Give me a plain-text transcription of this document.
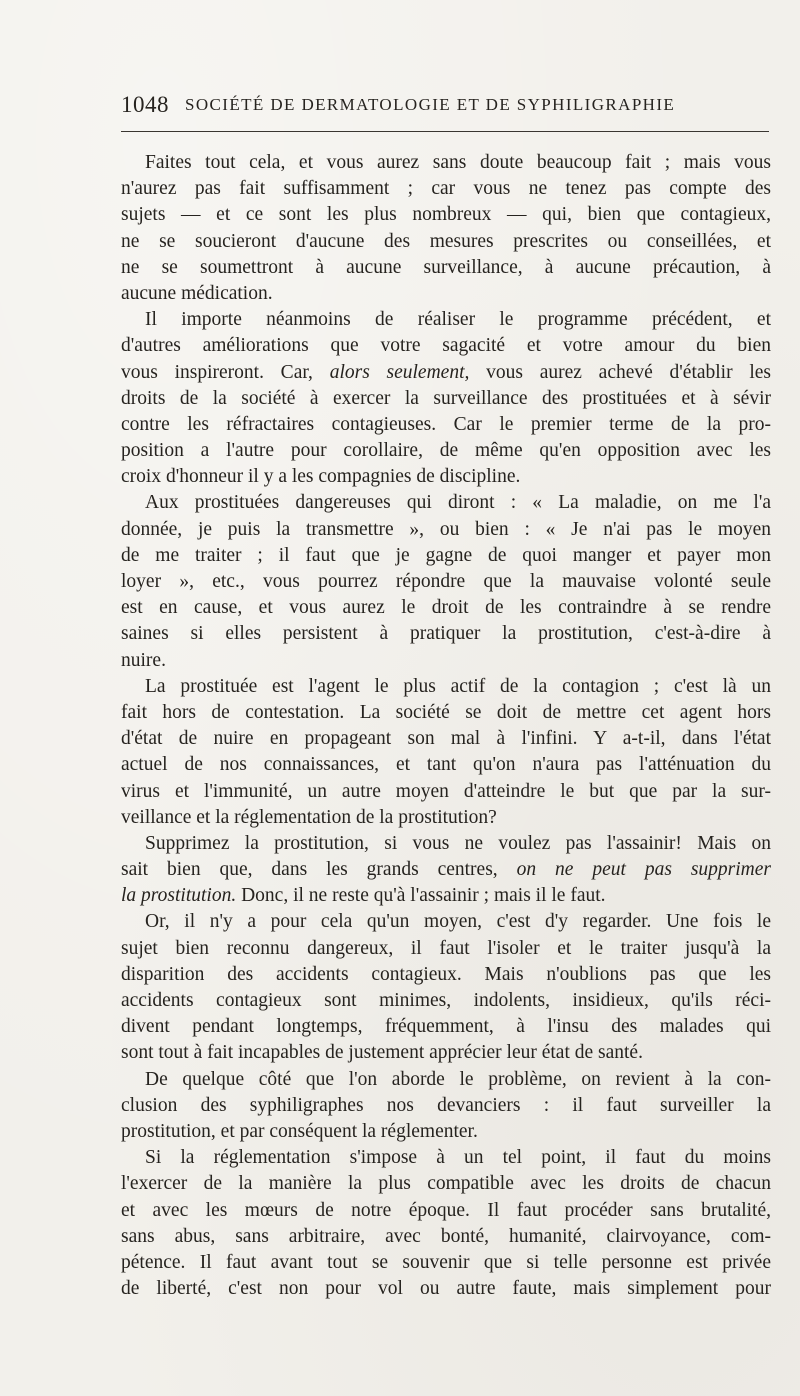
1048 SOCIÉTÉ DE DERMATOLOGIE ET DE SYPHILIGRAPHIE
Faites tout cela, et vous aurez sans doute beaucoup fait ; mais vous
n'aurez pas fait suffisamment ; car vous ne tenez pas compte des
sujets — et ce sont les plus nombreux — qui, bien que contagieux,
ne se soucieront d'aucune des mesures prescrites ou conseillées, et
ne se soumettront à aucune surveillance, à aucune précaution, à
aucune médication.
Il importe néanmoins de réaliser le programme précédent, et
d'autres améliorations que votre sagacité et votre amour du bien
vous inspireront. Car, alors seulement, vous aurez achevé d'établir les
droits de la société à exercer la surveillance des prostituées et à sévir
contre les réfractaires contagieuses. Car le premier terme de la pro-
position a l'autre pour corollaire, de même qu'en opposition avec les
croix d'honneur il y a les compagnies de discipline.
Aux prostituées dangereuses qui diront : « La maladie, on me l'a
donnée, je puis la transmettre », ou bien : « Je n'ai pas le moyen
de me traiter ; il faut que je gagne de quoi manger et payer mon
loyer », etc., vous pourrez répondre que la mauvaise volonté seule
est en cause, et vous aurez le droit de les contraindre à se rendre
saines si elles persistent à pratiquer la prostitution, c'est-à-dire à
nuire.
La prostituée est l'agent le plus actif de la contagion ; c'est là un
fait hors de contestation. La société se doit de mettre cet agent hors
d'état de nuire en propageant son mal à l'infini. Y a-t-il, dans l'état
actuel de nos connaissances, et tant qu'on n'aura pas l'atténuation du
virus et l'immunité, un autre moyen d'atteindre le but que par la sur-
veillance et la réglementation de la prostitution?
Supprimez la prostitution, si vous ne voulez pas l'assainir! Mais on
sait bien que, dans les grands centres, on ne peut pas supprimer
la prostitution. Donc, il ne reste qu'à l'assainir ; mais il le faut.
Or, il n'y a pour cela qu'un moyen, c'est d'y regarder. Une fois le
sujet bien reconnu dangereux, il faut l'isoler et le traiter jusqu'à la
disparition des accidents contagieux. Mais n'oublions pas que les
accidents contagieux sont minimes, indolents, insidieux, qu'ils réci-
divent pendant longtemps, fréquemment, à l'insu des malades qui
sont tout à fait incapables de justement apprécier leur état de santé.
De quelque côté que l'on aborde le problème, on revient à la con-
clusion des syphiligraphes nos devanciers : il faut surveiller la
prostitution, et par conséquent la réglementer.
Si la réglementation s'impose à un tel point, il faut du moins
l'exercer de la manière la plus compatible avec les droits de chacun
et avec les mœurs de notre époque. Il faut procéder sans brutalité,
sans abus, sans arbitraire, avec bonté, humanité, clairvoyance, com-
pétence. Il faut avant tout se souvenir que si telle personne est privée
de liberté, c'est non pour vol ou autre faute, mais simplement pour
